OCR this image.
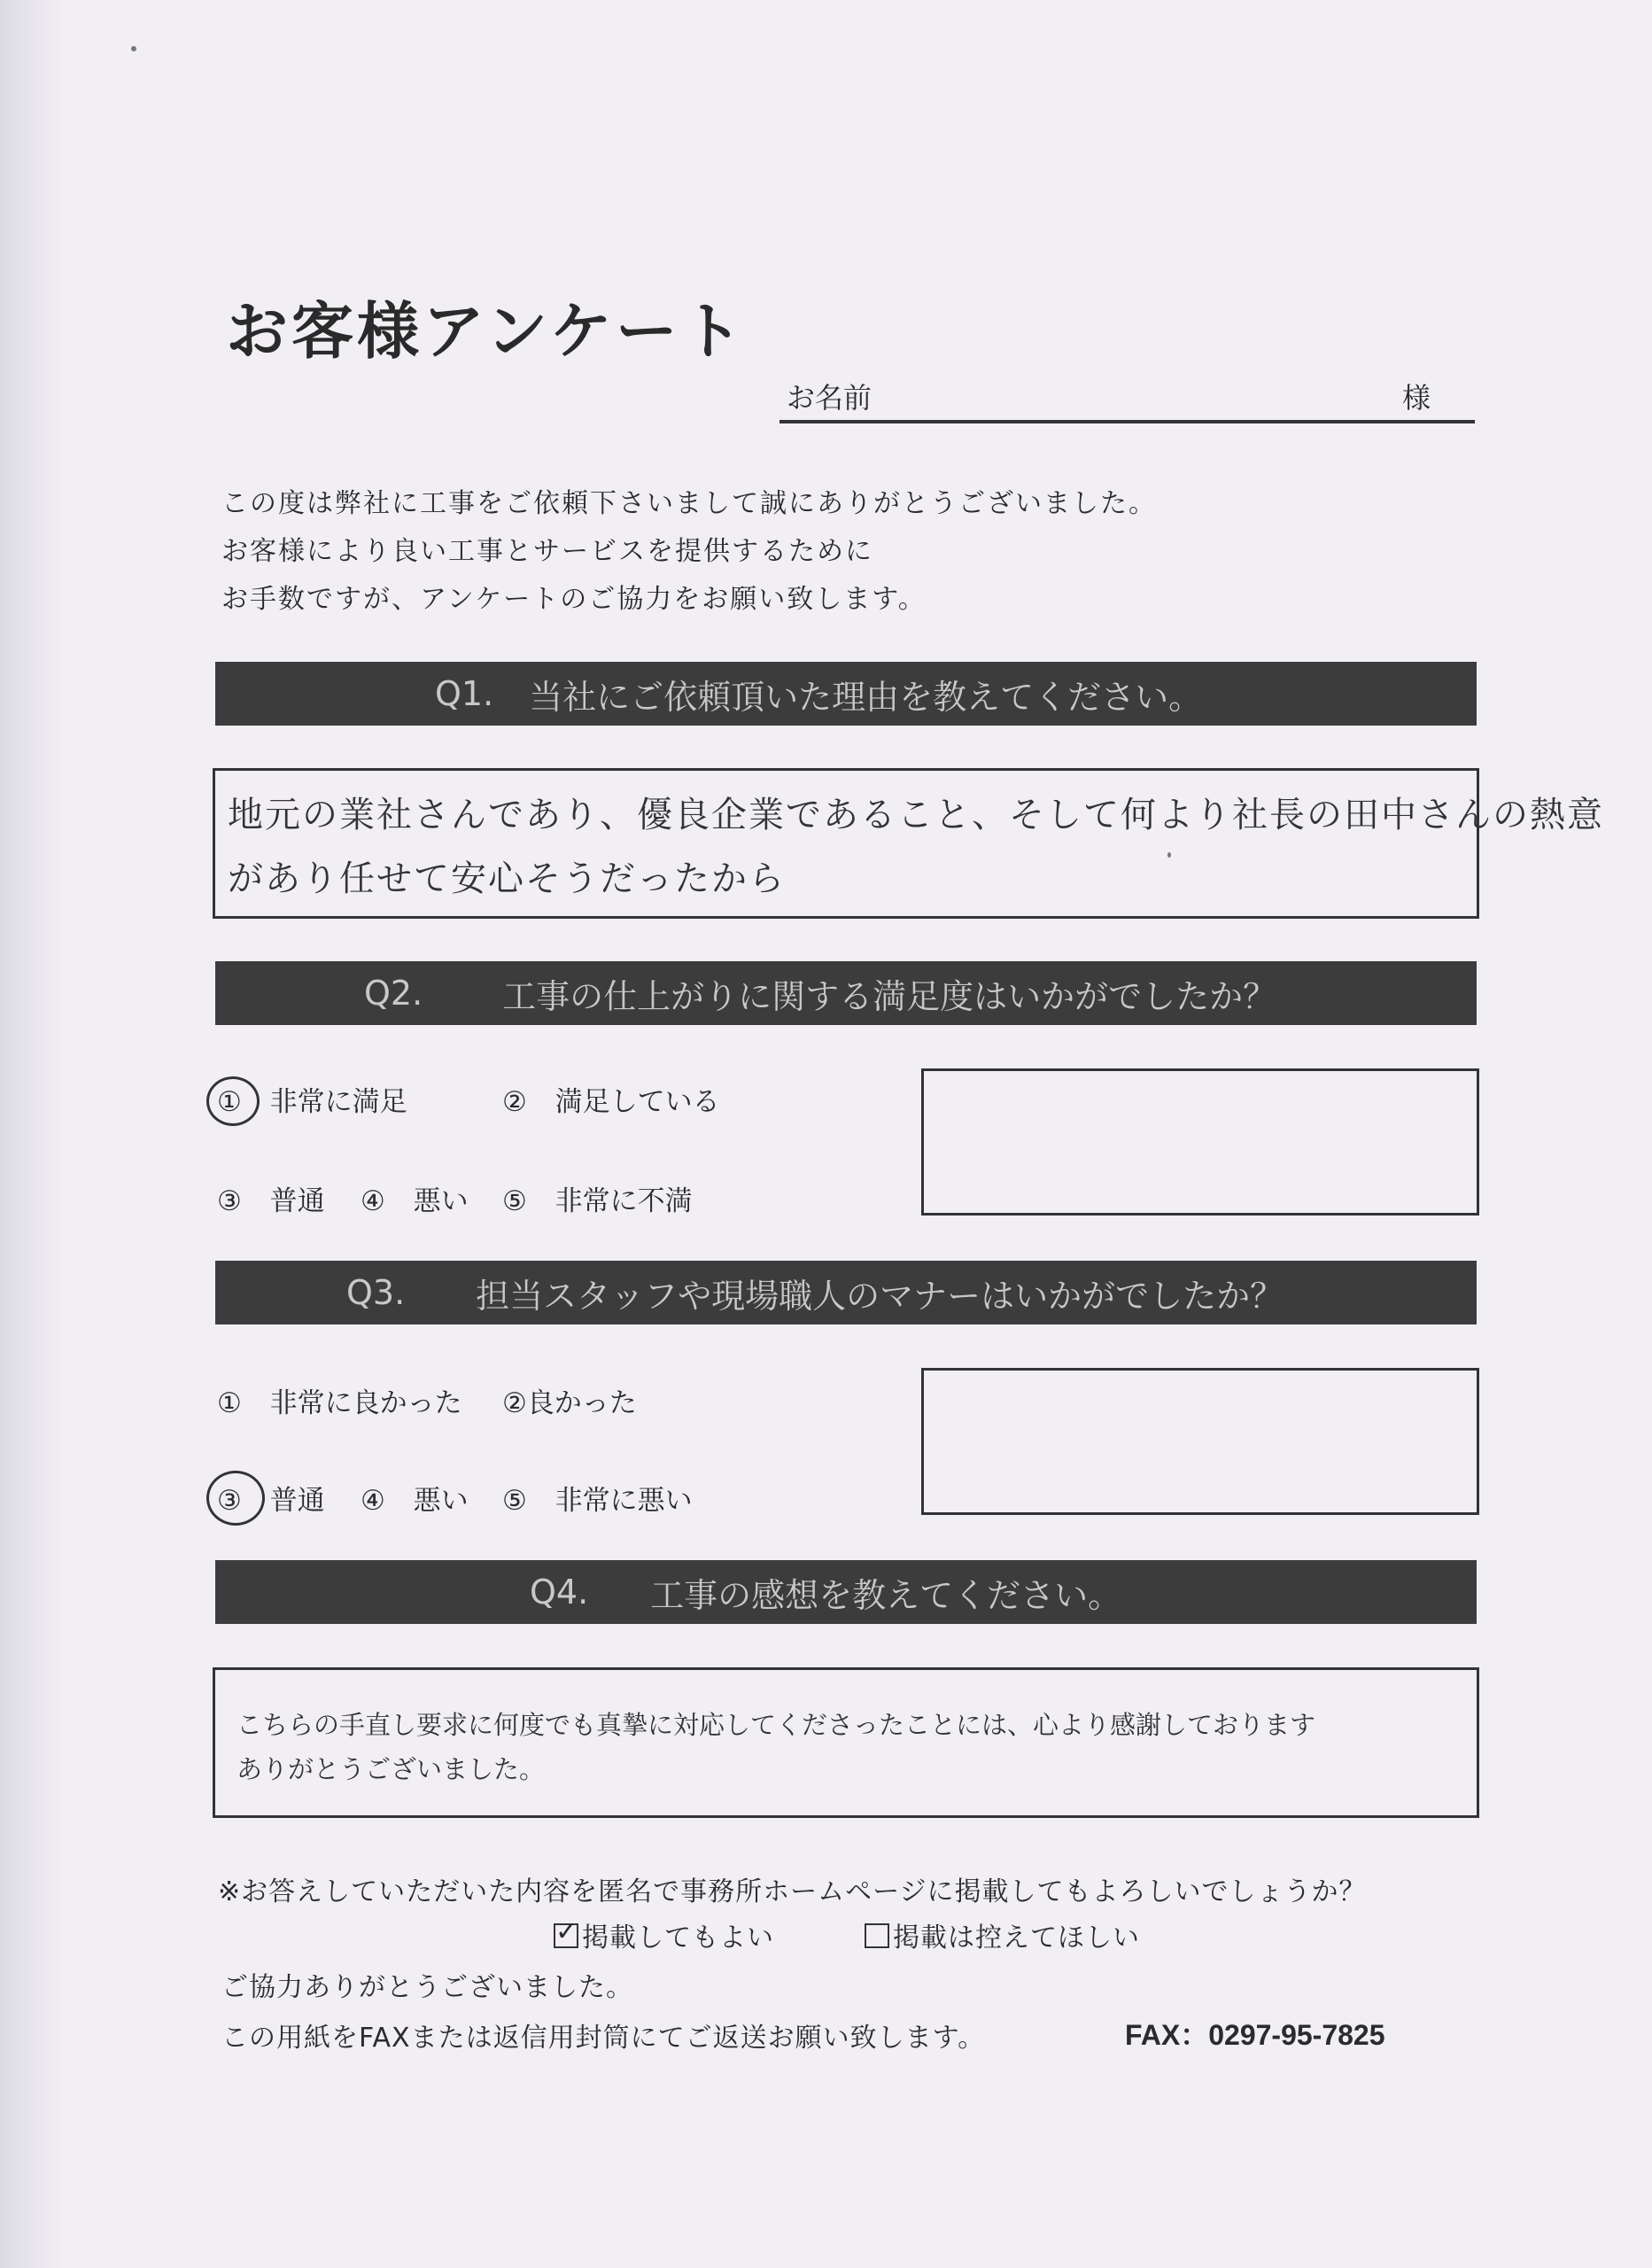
お客様アンケート
お名前	様
この度は弊社に工事をご依頼下さいまして誠にありがとうございました。
お客様により良い工事とサービスを提供するために
お手数ですが、アンケートのご協力をお願い致します。
Q1. 当社にご依頼頂いた理由を教えてください。
地元の業社さんであり、優良企業であること、そして何より社長の田中さんの熱意
があり任せて安心そうだったから
Q2. 工事の仕上がりに関する満足度はいかがでしたか？
① 非常に満足	② 満足している
③ 普通 ④ 悪い ⑤ 非常に不満
Q3. 担当スタッフや現場職人のマナーはいかがでしたか？
① 非常に良かった ②良かった
③ 普通 ④ 悪い ⑤ 非常に悪い
Q4. 工事の感想を教えてください。
こちらの手直し要求に何度でも真摯に対応してくださったことには、心より感謝しております
ありがとうございました。
※お答えしていただいた内容を匿名で事務所ホームページに掲載してもよろしいでしょうか？
✓掲載してもよい	掲載は控えてほしい
ご協力ありがとうございました。
この用紙をFAXまたは返信用封筒にてご返送お願い致します。	FAX：0297-95-7825
